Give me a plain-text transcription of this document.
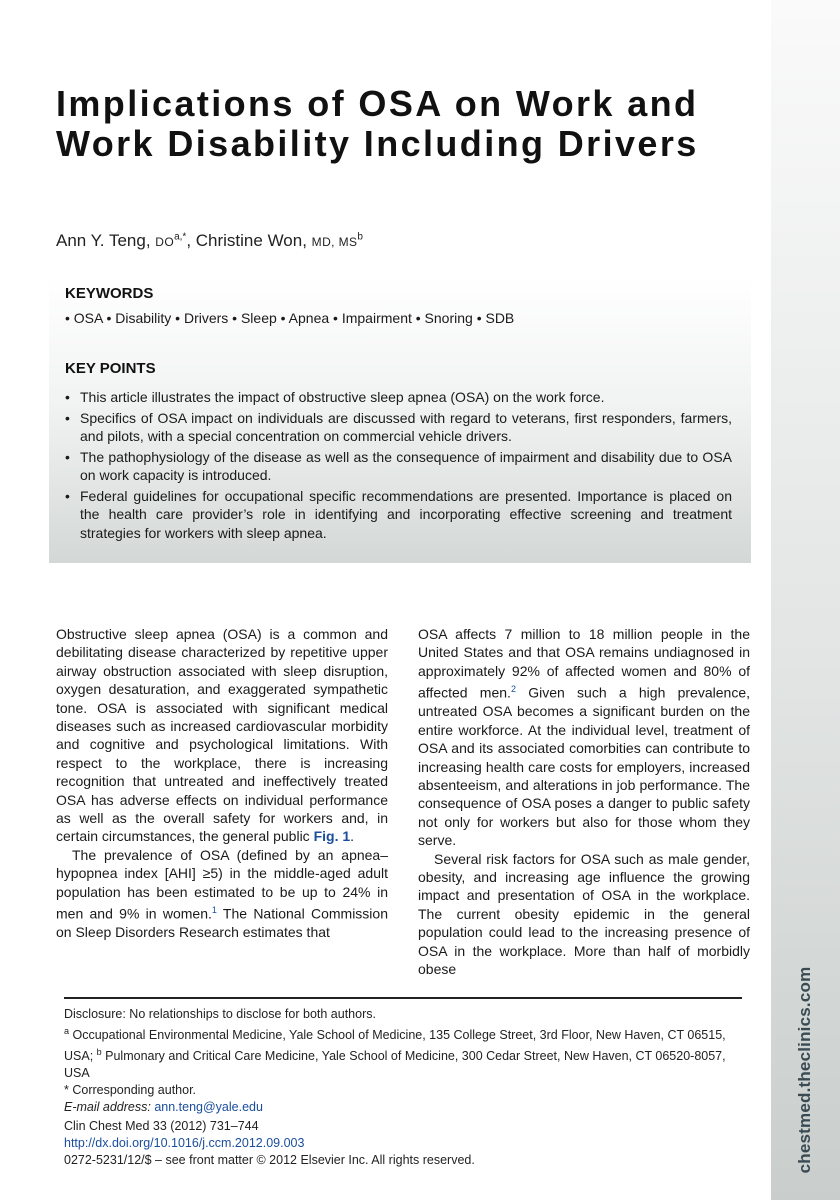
chestmed.theclinics.com
Implications of OSA on Work and Work Disability Including Drivers
Ann Y. Teng, $DO^{a,*}$, Christine Won, MD, $MS^b$
KEYWORDS
• OSA • Disability • Drivers • Sleep • Apnea • Impairment • Snoring • SDB
KEY POINTS
• This article illustrates the impact of obstructive sleep apnea (OSA) on the work force.
• Specifics of OSA impact on individuals are discussed with regard to veterans, first responders, farmers, and pilots, with a special concentration on commercial vehicle drivers.
• The pathophysiology of the disease as well as the consequence of impairment and disability due to OSA on work capacity is introduced.
• Federal guidelines for occupational specific recommendations are presented. Importance is placed on the health care provider’s role in identifying and incorporating effective screening and treatment strategies for workers with sleep apnea.

Obstructive sleep apnea (OSA) is a common and debilitating disease characterized by repetitive upper airway obstruction associated with sleep disruption, oxygen desaturation, and exaggerated sympathetic tone. OSA is associated with significant medical diseases such as increased cardiovascular morbidity and cognitive and psychological limitations. With respect to the workplace, there is increasing recognition that untreated and ineffectively treated OSA has adverse effects on individual performance as well as the overall safety for workers and, in certain circumstances, the general public Fig. 1.

The prevalence of OSA (defined by an apnea–hypopnea index [AHI] ≥5) in the middle-aged adult population has been estimated to be up to 24% in men and 9% in women.$^1$ The National Commission on Sleep Disorders Research estimates that

OSA affects 7 million to 18 million people in the United States and that OSA remains undiagnosed in approximately 92% of affected women and 80% of affected men.$^2$ Given such a high prevalence, untreated OSA becomes a significant burden on the entire workforce. At the individual level, treatment of OSA and its associated comorbities can contribute to increasing health care costs for employers, increased absenteeism, and alterations in job performance. The consequence of OSA poses a danger to public safety not only for workers but also for those whom they serve.

Several risk factors for OSA such as male gender, obesity, and increasing age influence the growing impact and presentation of OSA in the workplace. The current obesity epidemic in the general population could lead to the increasing presence of OSA in the workplace. More than half of morbidly obese

Disclosure: No relationships to disclose for both authors.
$^a$ Occupational Environmental Medicine, Yale School of Medicine, 135 College Street, 3rd Floor, New Haven, CT 06515, USA; $^b$ Pulmonary and Critical Care Medicine, Yale School of Medicine, 300 Cedar Street, New Haven, CT 06520-8057, USA
* Corresponding author.
E-mail address: ann.teng@yale.edu
Clin Chest Med 33 (2012) 731–744
http://dx.doi.org/10.1016/j.ccm.2012.09.003
0272-5231/12/$ – see front matter © 2012 Elsevier Inc. All rights reserved.
